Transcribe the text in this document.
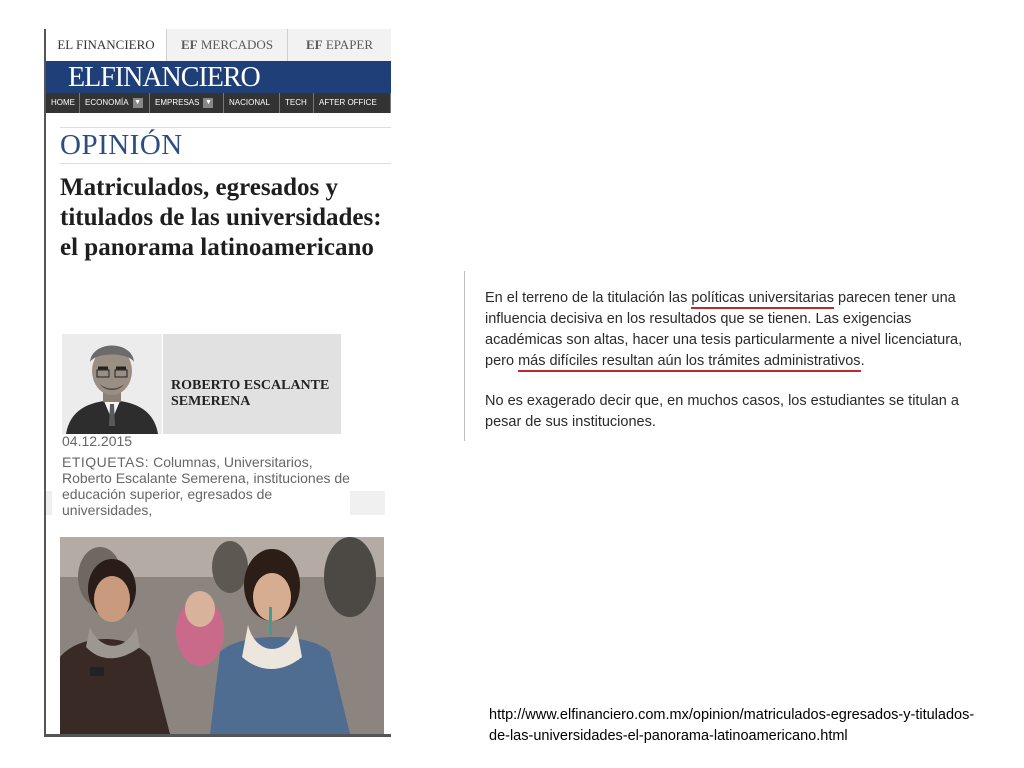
EL FINANCIERO	EF MERCADOS	EF EPAPER
ELFINANCIERO
HOME	ECONOMÍA ▼	EMPRESAS ▼	NACIONAL	TECH	AFTER OFFICE
OPINIÓN
Matriculados, egresados y titulados de las universidades: el panorama latinoamericano

ROBERTO ESCALANTE SEMERENA

04.12.2015

ETIQUETAS: Columnas, Universitarios, Roberto Escalante Semerena, instituciones de educación superior, egresados de universidades,

En el terreno de la titulación las políticas universitarias parecen tener una influencia decisiva en los resultados que se tienen. Las exigencias académicas son altas, hacer una tesis particularmente a nivel licenciatura, pero más difíciles resultan aún los trámites administrativos.

No es exagerado decir que, en muchos casos, los estudiantes se titulan a pesar de sus instituciones.

http://www.elfinanciero.com.mx/opinion/matriculados-egresados-y-titulados-de-las-universidades-el-panorama-latinoamericano.html
